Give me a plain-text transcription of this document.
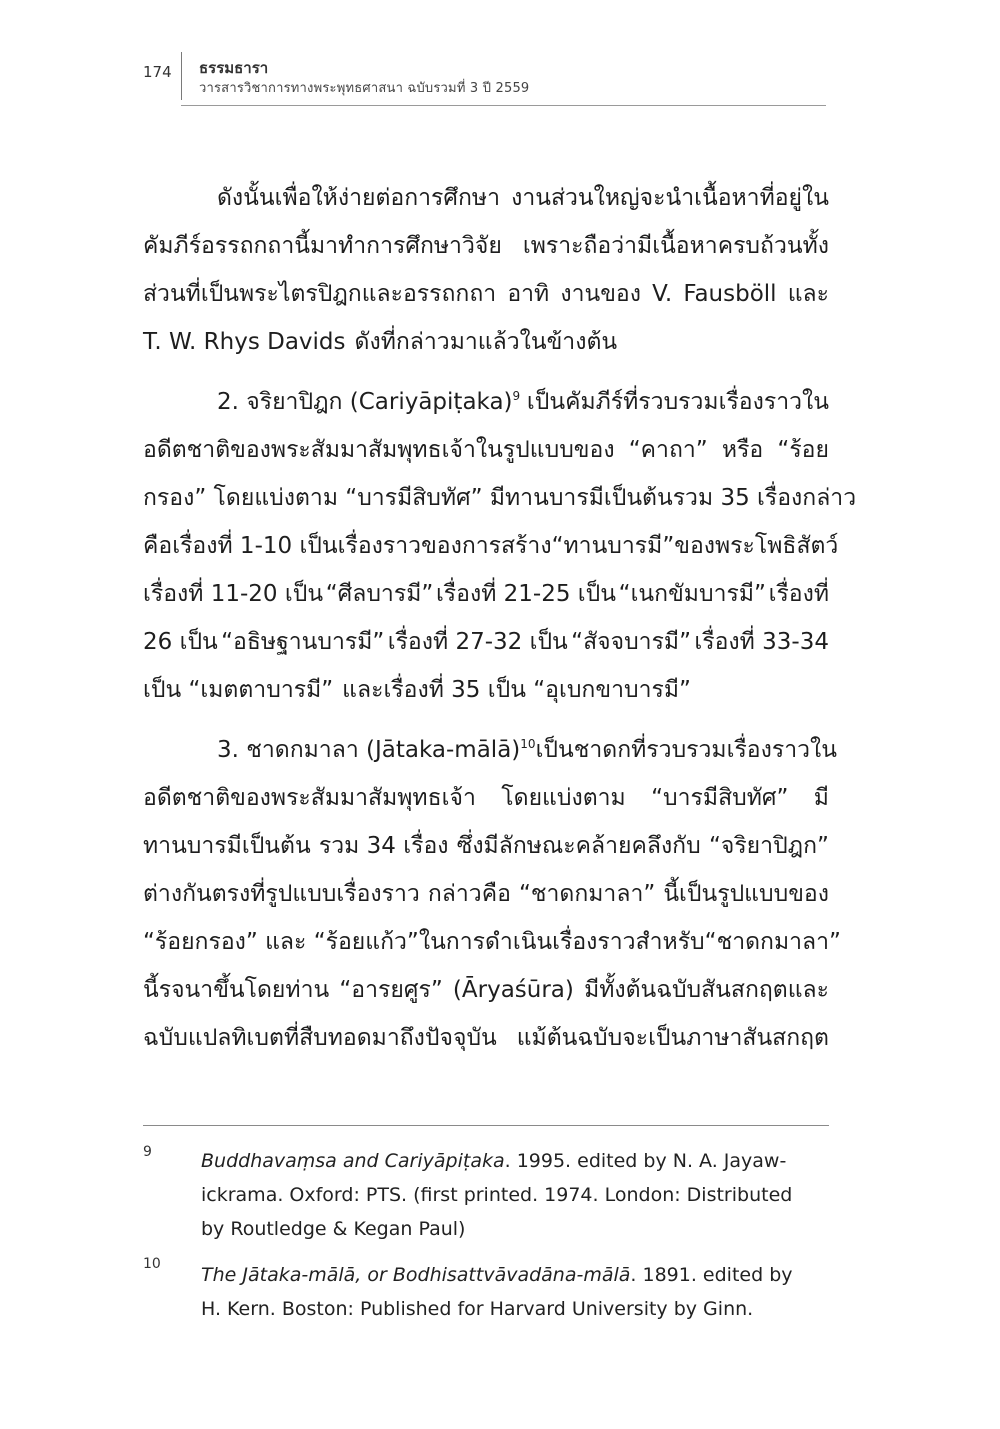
174 ธรรมธารา
วารสารวิชาการทางพระพุทธศาสนา ฉบับรวมที่ 3 ปี 2559
ดังนั้นเพื่อให้ง่ายต่อการศึกษา งานส่วนใหญ่จะนำเนื้อหาที่อยู่ใน
คัมภีร์อรรถกถานี้มาทำการศึกษาวิจัย เพราะถือว่ามีเนื้อหาครบถ้วนทั้ง
ส่วนที่เป็นพระไตรปิฎกและอรรถกถา อาทิ งานของ V. Fausböll และ
T. W. Rhys Davids ดังที่กล่าวมาแล้วในข้างต้น
2. จริยาปิฎก (Cariyāpiṭaka)$^9$ เป็นคัมภีร์ที่รวบรวมเรื่องราวใน
อดีตชาติของพระสัมมาสัมพุทธเจ้าในรูปแบบของ “คาถา” หรือ “ร้อย
กรอง” โดยแบ่งตาม “บารมีสิบทัศ” มีทานบารมีเป็นต้น รวม 35 เรื่อง กล่าว
คือ เรื่องที่ 1-10 เป็นเรื่องราวของการสร้าง “ทานบารมี” ของพระโพธิสัตว์
เรื่องที่ 11-20 เป็น “ศีลบารมี” เรื่องที่ 21-25 เป็น “เนกขัมบารมี” เรื่องที่
26 เป็น “อธิษฐานบารมี” เรื่องที่ 27-32 เป็น “สัจจบารมี” เรื่องที่ 33-34
เป็น “เมตตาบารมี” และเรื่องที่ 35 เป็น “อุเบกขาบารมี”
3. ชาดกมาลา (Jātaka-mālā)$^{10}$ เป็นชาดกที่รวบรวมเรื่องราวใน
อดีตชาติของพระสัมมาสัมพุทธเจ้า โดยแบ่งตาม “บารมีสิบทัศ” มี
ทานบารมีเป็นต้น รวม 34 เรื่อง ซึ่งมีลักษณะคล้ายคลึงกับ “จริยาปิฎก”
ต่างกันตรงที่รูปแบบเรื่องราว กล่าวคือ “ชาดกมาลา” นี้เป็นรูปแบบของ
“ร้อยกรอง” และ “ร้อยแก้ว” ในการดำเนินเรื่องราว สำหรับ “ชาดกมาลา”
นี้รจนาขึ้นโดยท่าน “อารยศูร” (Āryaśūra) มีทั้งต้นฉบับสันสกฤตและ
ฉบับแปลทิเบตที่สืบทอดมาถึงปัจจุบัน แม้ต้นฉบับจะเป็นภาษาสันสกฤต
9	Buddhavaṃsa and Cariyāpiṭaka. 1995. edited by N. A. Jayaw-
ickrama. Oxford: PTS. (first printed. 1974. London: Distributed
by Routledge & Kegan Paul)
10 The Jātaka-mālā, or Bodhisattvāvadāna-mālā. 1891. edited by
H. Kern. Boston: Published for Harvard University by Ginn.
